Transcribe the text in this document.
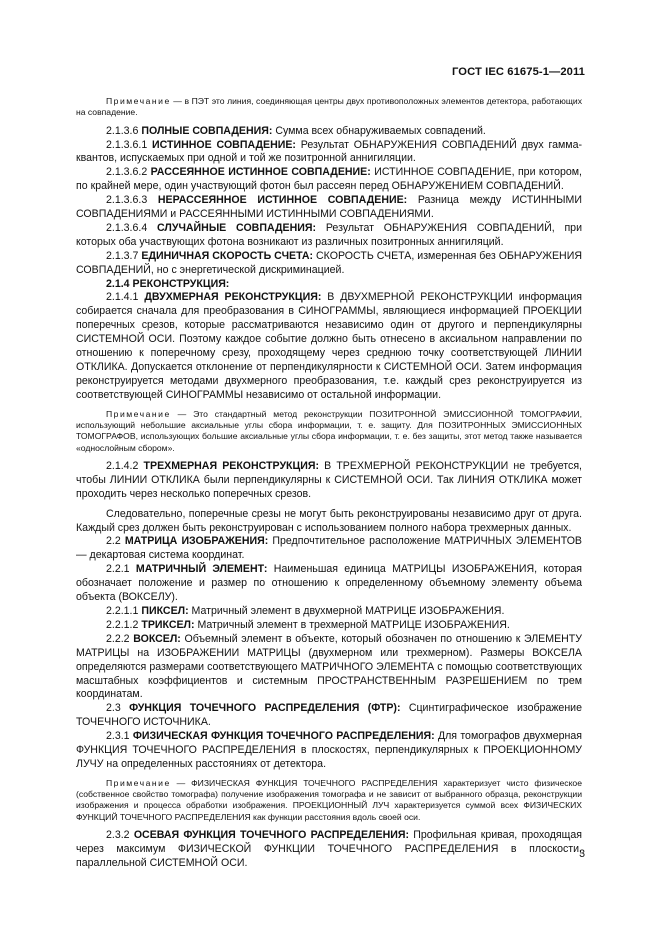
ГОСТ IEC 61675-1—2011

Примечание — в ПЭТ это линия, соединяющая центры двух противоположных элементов детектора, работающих на совпадение.

2.1.3.6 ПОЛНЫЕ СОВПАДЕНИЯ: Сумма всех обнаруживаемых совпадений.

2.1.3.6.1 ИСТИННОЕ СОВПАДЕНИЕ: Результат ОБНАРУЖЕНИЯ СОВПАДЕНИЙ двух гамма-квантов, испускаемых при одной и той же позитронной аннигиляции.

2.1.3.6.2 РАССЕЯННОЕ ИСТИННОЕ СОВПАДЕНИЕ: ИСТИННОЕ СОВПАДЕНИЕ, при котором, по крайней мере, один участвующий фотон был рассеян перед ОБНАРУЖЕНИЕМ СОВПАДЕНИЙ.

2.1.3.6.3 НЕРАССЕЯННОЕ ИСТИННОЕ СОВПАДЕНИЕ: Разница между ИСТИННЫМИ СОВПАДЕНИЯМИ и РАССЕЯННЫМИ ИСТИННЫМИ СОВПАДЕНИЯМИ.

2.1.3.6.4 СЛУЧАЙНЫЕ СОВПАДЕНИЯ: Результат ОБНАРУЖЕНИЯ СОВПАДЕНИЙ, при которых оба участвующих фотона возникают из различных позитронных аннигиляций.

2.1.3.7 ЕДИНИЧНАЯ СКОРОСТЬ СЧЕТА: СКОРОСТЬ СЧЕТА, измеренная без ОБНАРУЖЕНИЯ СОВПАДЕНИЙ, но с энергетической дискриминацией.

2.1.4 РЕКОНСТРУКЦИЯ:

2.1.4.1 ДВУХМЕРНАЯ РЕКОНСТРУКЦИЯ: В ДВУХМЕРНОЙ РЕКОНСТРУКЦИИ информация собирается сначала для преобразования в СИНОГРАММЫ, являющиеся информацией ПРОЕКЦИИ поперечных срезов, которые рассматриваются независимо один от другого и перпендикулярны СИСТЕМНОЙ ОСИ. Поэтому каждое событие должно быть отнесено в аксиальном направлении по отношению к поперечному срезу, проходящему через среднюю точку соответствующей ЛИНИИ ОТКЛИКА. Допускается отклонение от перпендикулярности к СИСТЕМНОЙ ОСИ. Затем информация реконструируется методами двухмерного преобразования, т.е. каждый срез реконструируется из соответствующей СИНОГРАММЫ независимо от остальной информации.

Примечание — Это стандартный метод реконструкции ПОЗИТРОННОЙ ЭМИССИОННОЙ ТОМОГРАФИИ, использующий небольшие аксиальные углы сбора информации, т. е. защиту. Для ПОЗИТРОННЫХ ЭМИССИОННЫХ ТОМОГРАФОВ, использующих большие аксиальные углы сбора информации, т. е. без защиты, этот метод также называется «однослойным сбором».

2.1.4.2 ТРЕХМЕРНАЯ РЕКОНСТРУКЦИЯ: В ТРЕХМЕРНОЙ РЕКОНСТРУКЦИИ не требуется, чтобы ЛИНИИ ОТКЛИКА были перпендикулярны к СИСТЕМНОЙ ОСИ. Так ЛИНИЯ ОТКЛИКА может проходить через несколько поперечных срезов.

Следовательно, поперечные срезы не могут быть реконструированы независимо друг от друга. Каждый срез должен быть реконструирован с использованием полного набора трехмерных данных.

2.2 МАТРИЦА ИЗОБРАЖЕНИЯ: Предпочтительное расположение МАТРИЧНЫХ ЭЛЕМЕНТОВ — декартовая система координат.

2.2.1 МАТРИЧНЫЙ ЭЛЕМЕНТ: Наименьшая единица МАТРИЦЫ ИЗОБРАЖЕНИЯ, которая обозначает положение и размер по отношению к определенному объемному элементу объема объекта (ВОКСЕЛУ).

2.2.1.1 ПИКСЕЛ: Матричный элемент в двухмерной МАТРИЦЕ ИЗОБРАЖЕНИЯ.

2.2.1.2 ТРИКСЕЛ: Матричный элемент в трехмерной МАТРИЦЕ ИЗОБРАЖЕНИЯ.

2.2.2 ВОКСЕЛ: Объемный элемент в объекте, который обозначен по отношению к ЭЛЕМЕНТУ МАТРИЦЫ на ИЗОБРАЖЕНИИ МАТРИЦЫ (двухмерном или трехмерном). Размеры ВОКСЕЛА определяются размерами соответствующего МАТРИЧНОГО ЭЛЕМЕНТА с помощью соответствующих масштабных коэффициентов и системным ПРОСТРАНСТВЕННЫМ РАЗРЕШЕНИЕМ по трем координатам.

2.3 ФУНКЦИЯ ТОЧЕЧНОГО РАСПРЕДЕЛЕНИЯ (ФТР): Сцинтиграфическое изображение ТОЧЕЧНОГО ИСТОЧНИКА.

2.3.1 ФИЗИЧЕСКАЯ ФУНКЦИЯ ТОЧЕЧНОГО РАСПРЕДЕЛЕНИЯ: Для томографов двухмерная ФУНКЦИЯ ТОЧЕЧНОГО РАСПРЕДЕЛЕНИЯ в плоскостях, перпендикулярных к ПРОЕКЦИОННОМУ ЛУЧУ на определенных расстояниях от детектора.

Примечание — ФИЗИЧЕСКАЯ ФУНКЦИЯ ТОЧЕЧНОГО РАСПРЕДЕЛЕНИЯ характеризует чисто физическое (собственное свойство томографа) получение изображения томографа и не зависит от выбранного образца, реконструкции изображения и процесса обработки изображения. ПРОЕКЦИОННЫЙ ЛУЧ характеризуется суммой всех ФИЗИЧЕСКИХ ФУНКЦИЙ ТОЧЕЧНОГО РАСПРЕДЕЛЕНИЯ как функции расстояния вдоль своей оси.

2.3.2 ОСЕВАЯ ФУНКЦИЯ ТОЧЕЧНОГО РАСПРЕДЕЛЕНИЯ: Профильная кривая, проходящая через максимум ФИЗИЧЕСКОЙ ФУНКЦИИ ТОЧЕЧНОГО РАСПРЕДЕЛЕНИЯ в плоскости, параллельной СИСТЕМНОЙ ОСИ.

3
